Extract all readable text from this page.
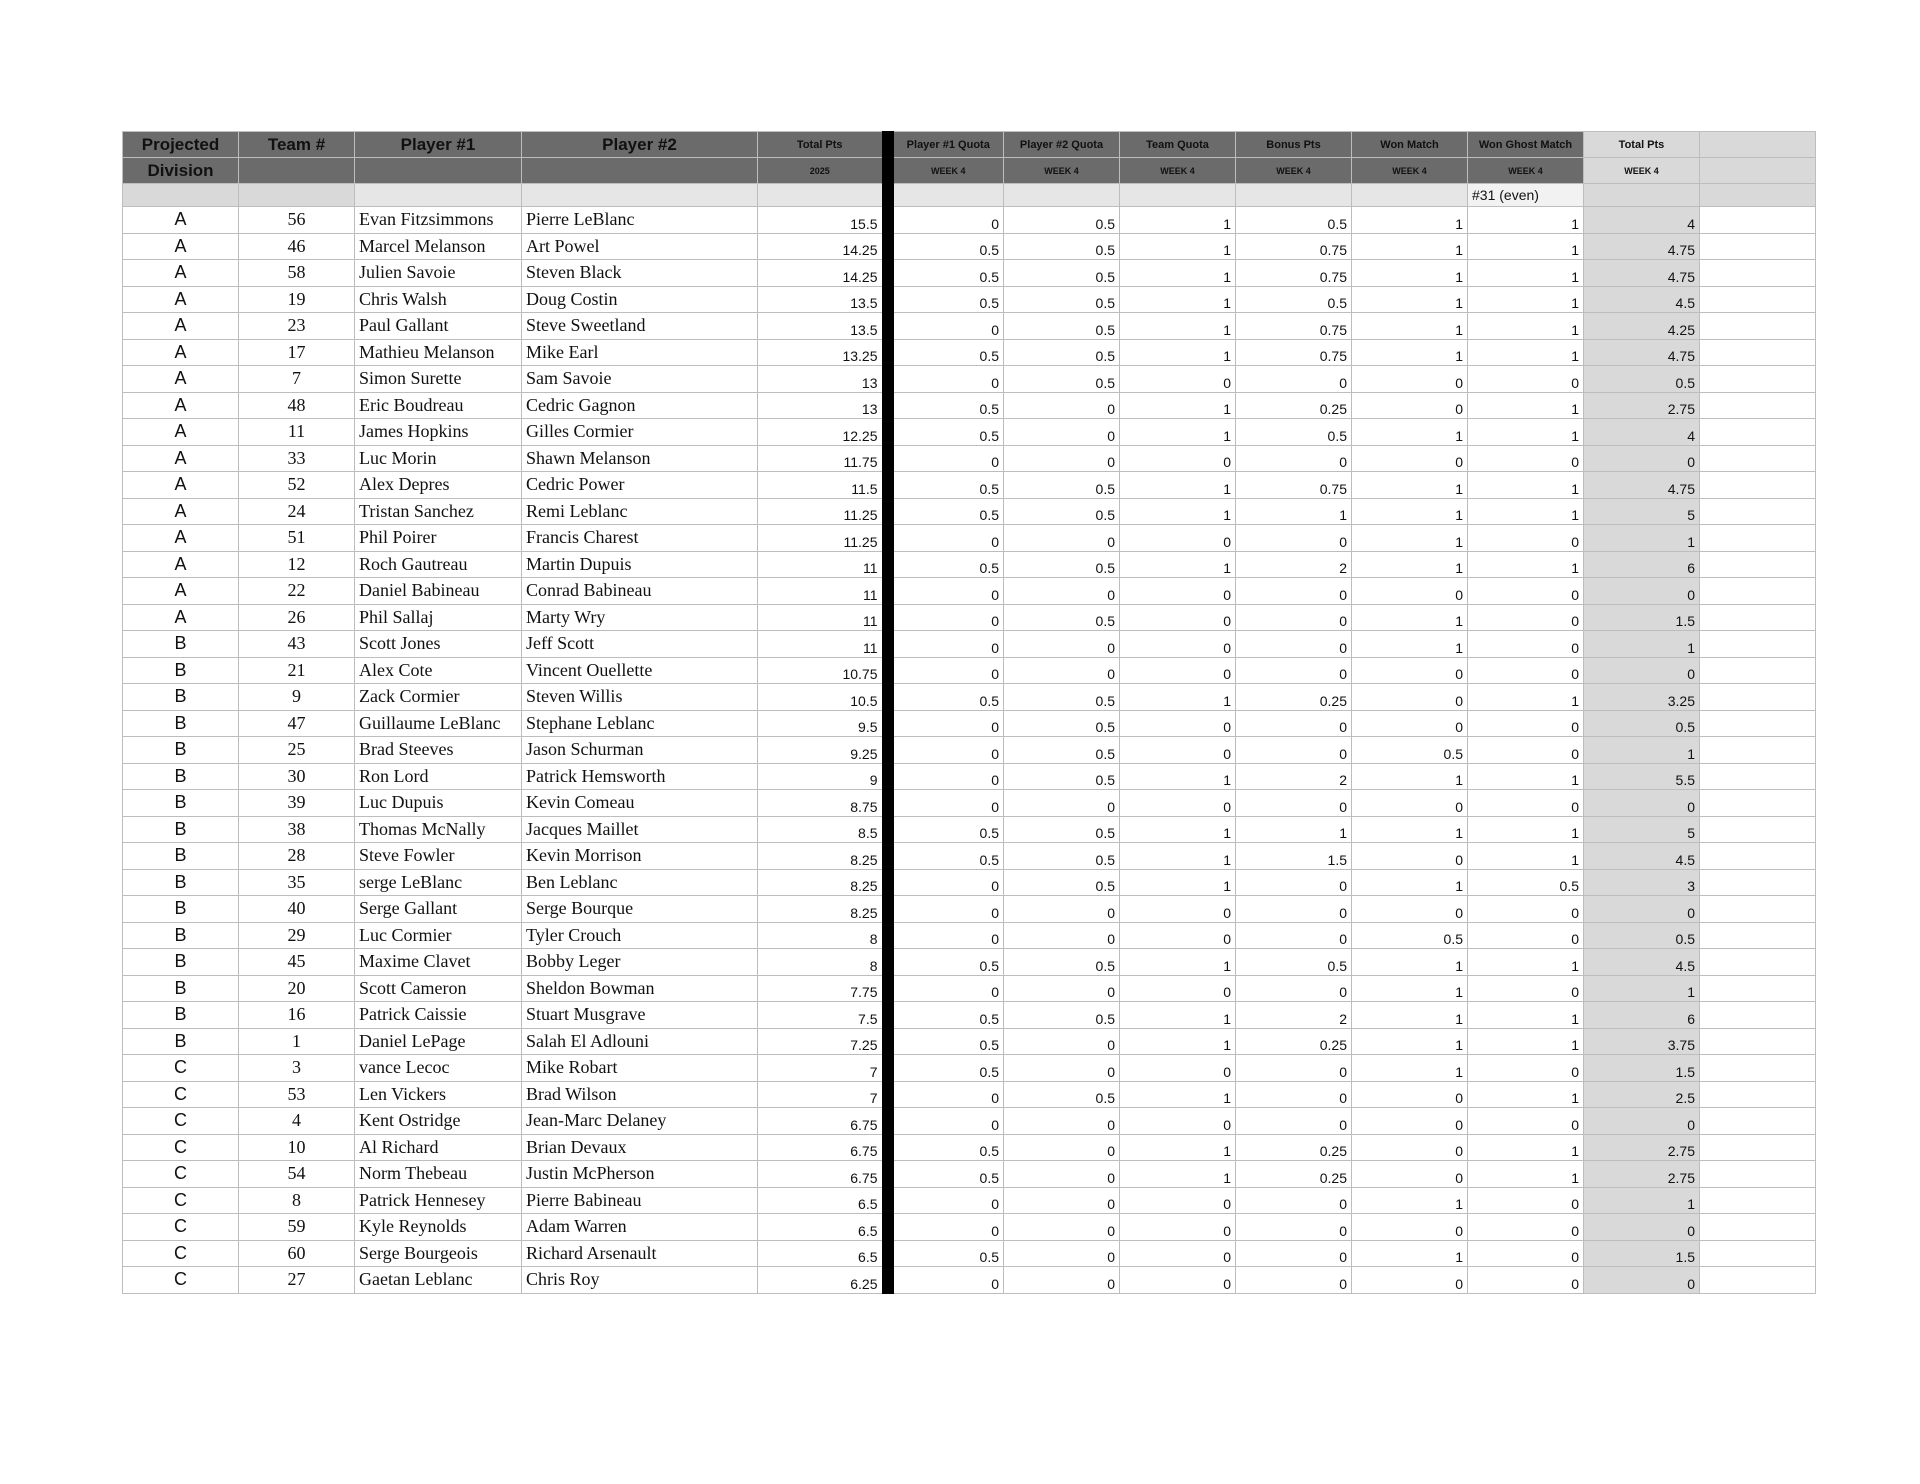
Projected	Team #	Player #1	Player #2	Total Pts	Player #1 Quota	Player #2 Quota	Team Quota	Bonus Pts	Won Match	Won Ghost Match	Total Pts	
Division				2025	WEEK 4	WEEK 4	WEEK 4	WEEK 4	WEEK 4	WEEK 4	WEEK 4	
										#31 (even)		
A	56	Evan Fitzsimmons	Pierre LeBlanc	15.5	0	0.5	1	0.5	1	1	4	
A	46	Marcel Melanson	Art Powel	14.25	0.5	0.5	1	0.75	1	1	4.75	
A	58	Julien Savoie	Steven Black	14.25	0.5	0.5	1	0.75	1	1	4.75	
A	19	Chris Walsh	Doug Costin	13.5	0.5	0.5	1	0.5	1	1	4.5	
A	23	Paul Gallant	Steve Sweetland	13.5	0	0.5	1	0.75	1	1	4.25	
A	17	Mathieu Melanson	Mike Earl	13.25	0.5	0.5	1	0.75	1	1	4.75	
A	7	Simon Surette	Sam Savoie	13	0	0.5	0	0	0	0	0.5	
A	48	Eric Boudreau	Cedric Gagnon	13	0.5	0	1	0.25	0	1	2.75	
A	11	James Hopkins	Gilles Cormier	12.25	0.5	0	1	0.5	1	1	4	
A	33	Luc Morin	Shawn Melanson	11.75	0	0	0	0	0	0	0	
A	52	Alex Depres	Cedric Power	11.5	0.5	0.5	1	0.75	1	1	4.75	
A	24	Tristan Sanchez	Remi Leblanc	11.25	0.5	0.5	1	1	1	1	5	
A	51	Phil Poirer	Francis Charest	11.25	0	0	0	0	1	0	1	
A	12	Roch Gautreau	Martin Dupuis	11	0.5	0.5	1	2	1	1	6	
A	22	Daniel Babineau	Conrad Babineau	11	0	0	0	0	0	0	0	
A	26	Phil Sallaj	Marty Wry	11	0	0.5	0	0	1	0	1.5	
B	43	Scott Jones	Jeff Scott	11	0	0	0	0	1	0	1	
B	21	Alex Cote	Vincent Ouellette	10.75	0	0	0	0	0	0	0	
B	9	Zack Cormier	Steven Willis	10.5	0.5	0.5	1	0.25	0	1	3.25	
B	47	Guillaume LeBlanc	Stephane Leblanc	9.5	0	0.5	0	0	0	0	0.5	
B	25	Brad Steeves	Jason Schurman	9.25	0	0.5	0	0	0.5	0	1	
B	30	Ron Lord	Patrick Hemsworth	9	0	0.5	1	2	1	1	5.5	
B	39	Luc Dupuis	Kevin Comeau	8.75	0	0	0	0	0	0	0	
B	38	Thomas McNally	Jacques Maillet	8.5	0.5	0.5	1	1	1	1	5	
B	28	Steve Fowler	Kevin Morrison	8.25	0.5	0.5	1	1.5	0	1	4.5	
B	35	serge LeBlanc	Ben Leblanc	8.25	0	0.5	1	0	1	0.5	3	
B	40	Serge Gallant	Serge Bourque	8.25	0	0	0	0	0	0	0	
B	29	Luc Cormier	Tyler Crouch	8	0	0	0	0	0.5	0	0.5	
B	45	Maxime Clavet	Bobby Leger	8	0.5	0.5	1	0.5	1	1	4.5	
B	20	Scott Cameron	Sheldon Bowman	7.75	0	0	0	0	1	0	1	
B	16	Patrick Caissie	Stuart Musgrave	7.5	0.5	0.5	1	2	1	1	6	
B	1	Daniel LePage	Salah El Adlouni	7.25	0.5	0	1	0.25	1	1	3.75	
C	3	vance Lecoc	Mike Robart	7	0.5	0	0	0	1	0	1.5	
C	53	Len Vickers	Brad Wilson	7	0	0.5	1	0	0	1	2.5	
C	4	Kent Ostridge	Jean-Marc Delaney	6.75	0	0	0	0	0	0	0	
C	10	Al Richard	Brian Devaux	6.75	0.5	0	1	0.25	0	1	2.75	
C	54	Norm Thebeau	Justin McPherson	6.75	0.5	0	1	0.25	0	1	2.75	
C	8	Patrick Hennesey	Pierre Babineau	6.5	0	0	0	0	1	0	1	
C	59	Kyle Reynolds	Adam Warren	6.5	0	0	0	0	0	0	0	
C	60	Serge Bourgeois	Richard Arsenault	6.5	0.5	0	0	0	1	0	1.5	
C	27	Gaetan Leblanc	Chris Roy	6.25	0	0	0	0	0	0	0	
